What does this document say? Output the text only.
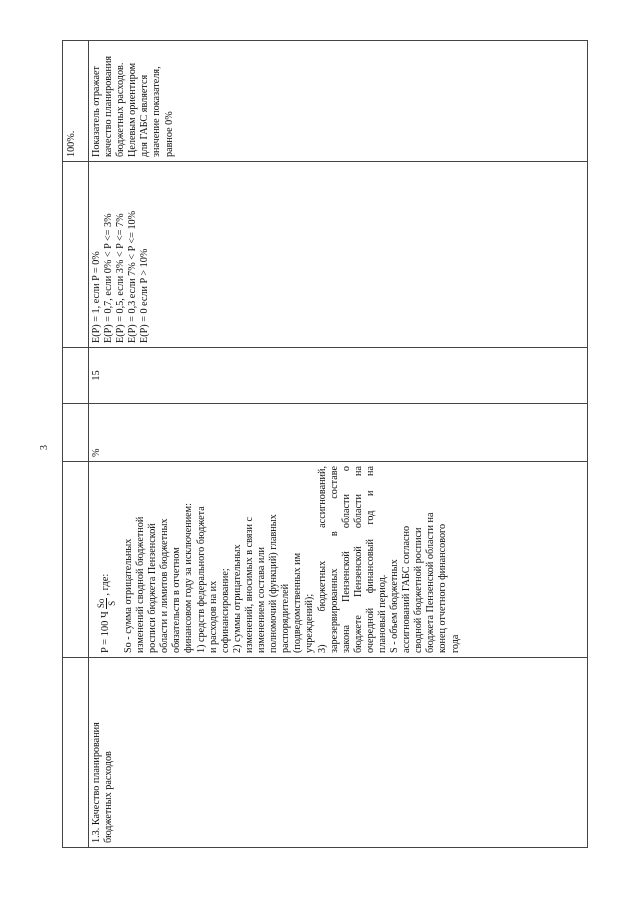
3
100%.
1.3. Качество планирования бюджетных расходов
P = 100 Ч
So S
, где: So - сумма отрицательных изменений сводной бюджетной росписи бюджета Пензенской области и лимитов бюджетных обязательств в отчетном финансовом году за исключением: 1) средств федерального бюджета и расходов на их софинансирование; 2) суммы отрицательных изменений, вносимых в связи с изменением состава или полномочий (функций) главных распорядителей (подведомственных им учреждений); 3) бюджетных ассигнований, зарезервированных в составе закона Пензенской области о бюджете Пензенской области на очередной финансовый год и на плановый период. S - объем бюджетных ассигнований ГАБС согласно сводной бюджетной росписи бюджета Пензенской области на конец отчетного финансового года
%
15
E(P) = 1, если P = 0% E(P) = 0,7, если 0% < P <= 3% E(P) = 0,5, если 3% < P <= 7% E(P) = 0,3 если 7% < P <= 10% E(P) = 0 если P > 10%
Показатель отражает качество планирования бюджетных расходов. Целевым ориентиром для ГАБС является значение показателя, равное 0%
